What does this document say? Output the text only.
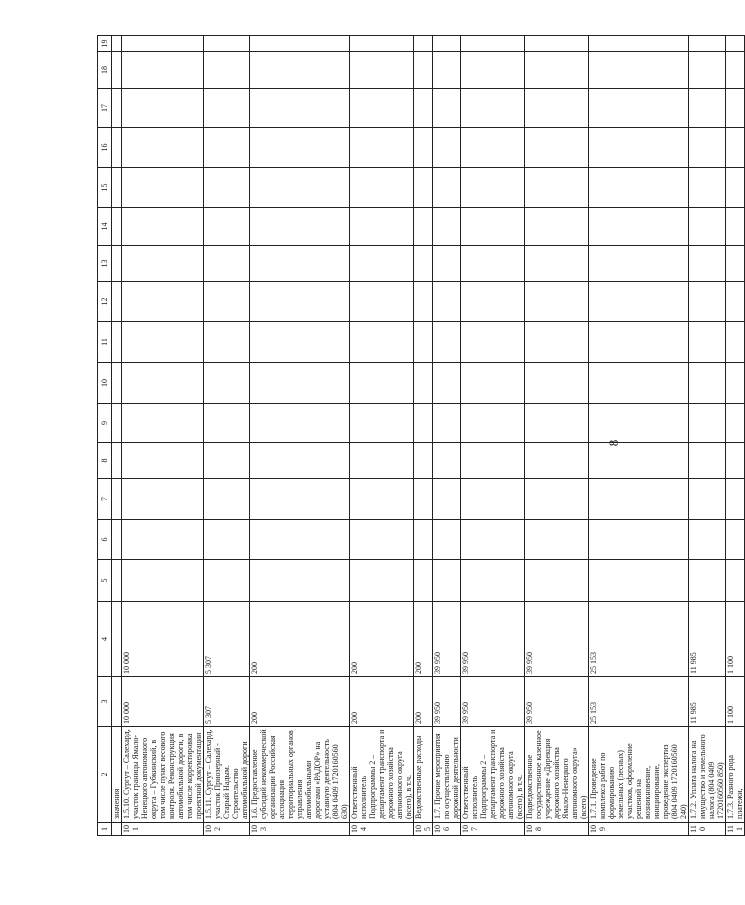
8
1	2	3	4	5	6	7	8	9	10	11	12	13	14	15	16	17	18	19
	значения																	
101	1.5.10. Сургут – Салехард, участок границы Ямало-Ненецкого автономного округа – Губкинский, в том числе пункт весового контроля. Реконструкция автомобильной дороги, в том числе корректировка проектной документации	10 000	10 000															
102	1.5.11. Сургут – Салехард, участок Приозерный - Старый Надым. Строительство автомобильной дороги	5 307	5 307															
103	1.6. Предоставление субсидий некоммерческой организации Российская ассоциация территориальных органов управления автомобильными дорогами «РАДОР» на уставную деятельность (804 0409 1720160560 630)	200	200															
104	Ответственный исполнитель Подпрограммы 2 – департамент транспорта и дорожного хозяйства автономного округа (всего), в т.ч.	200	200															
105	Ведомственные расходы	200	200															
106	1.7. Прочие мероприятия по осуществлению дорожной деятельности	39 950	39 950															
107	Ответственный исполнитель Подпрограммы 2 – департамент транспорта и дорожного хозяйства автономного округа (всего), в т.ч.	39 950	39 950															
108	Подведомственное государственное казенное учреждение «Дирекция дорожного хозяйства Ямало-Ненецкого автономного округа» (всего)	39 950	39 950															
109	1.7.1. Проведение комплекса работ по формированию земельных (лесных) участков, оформление решений на возникновение, инициирование, проведение экспертиз (804 0409 1720160560 240)	25 153	25 153															
110	1.7.2. Уплата налога на имущество и земельного налога (804 0409 1720160560 850)	11 985	11 985															
111	1.7.3. Разного рода платежи,	1 100	1 100															
